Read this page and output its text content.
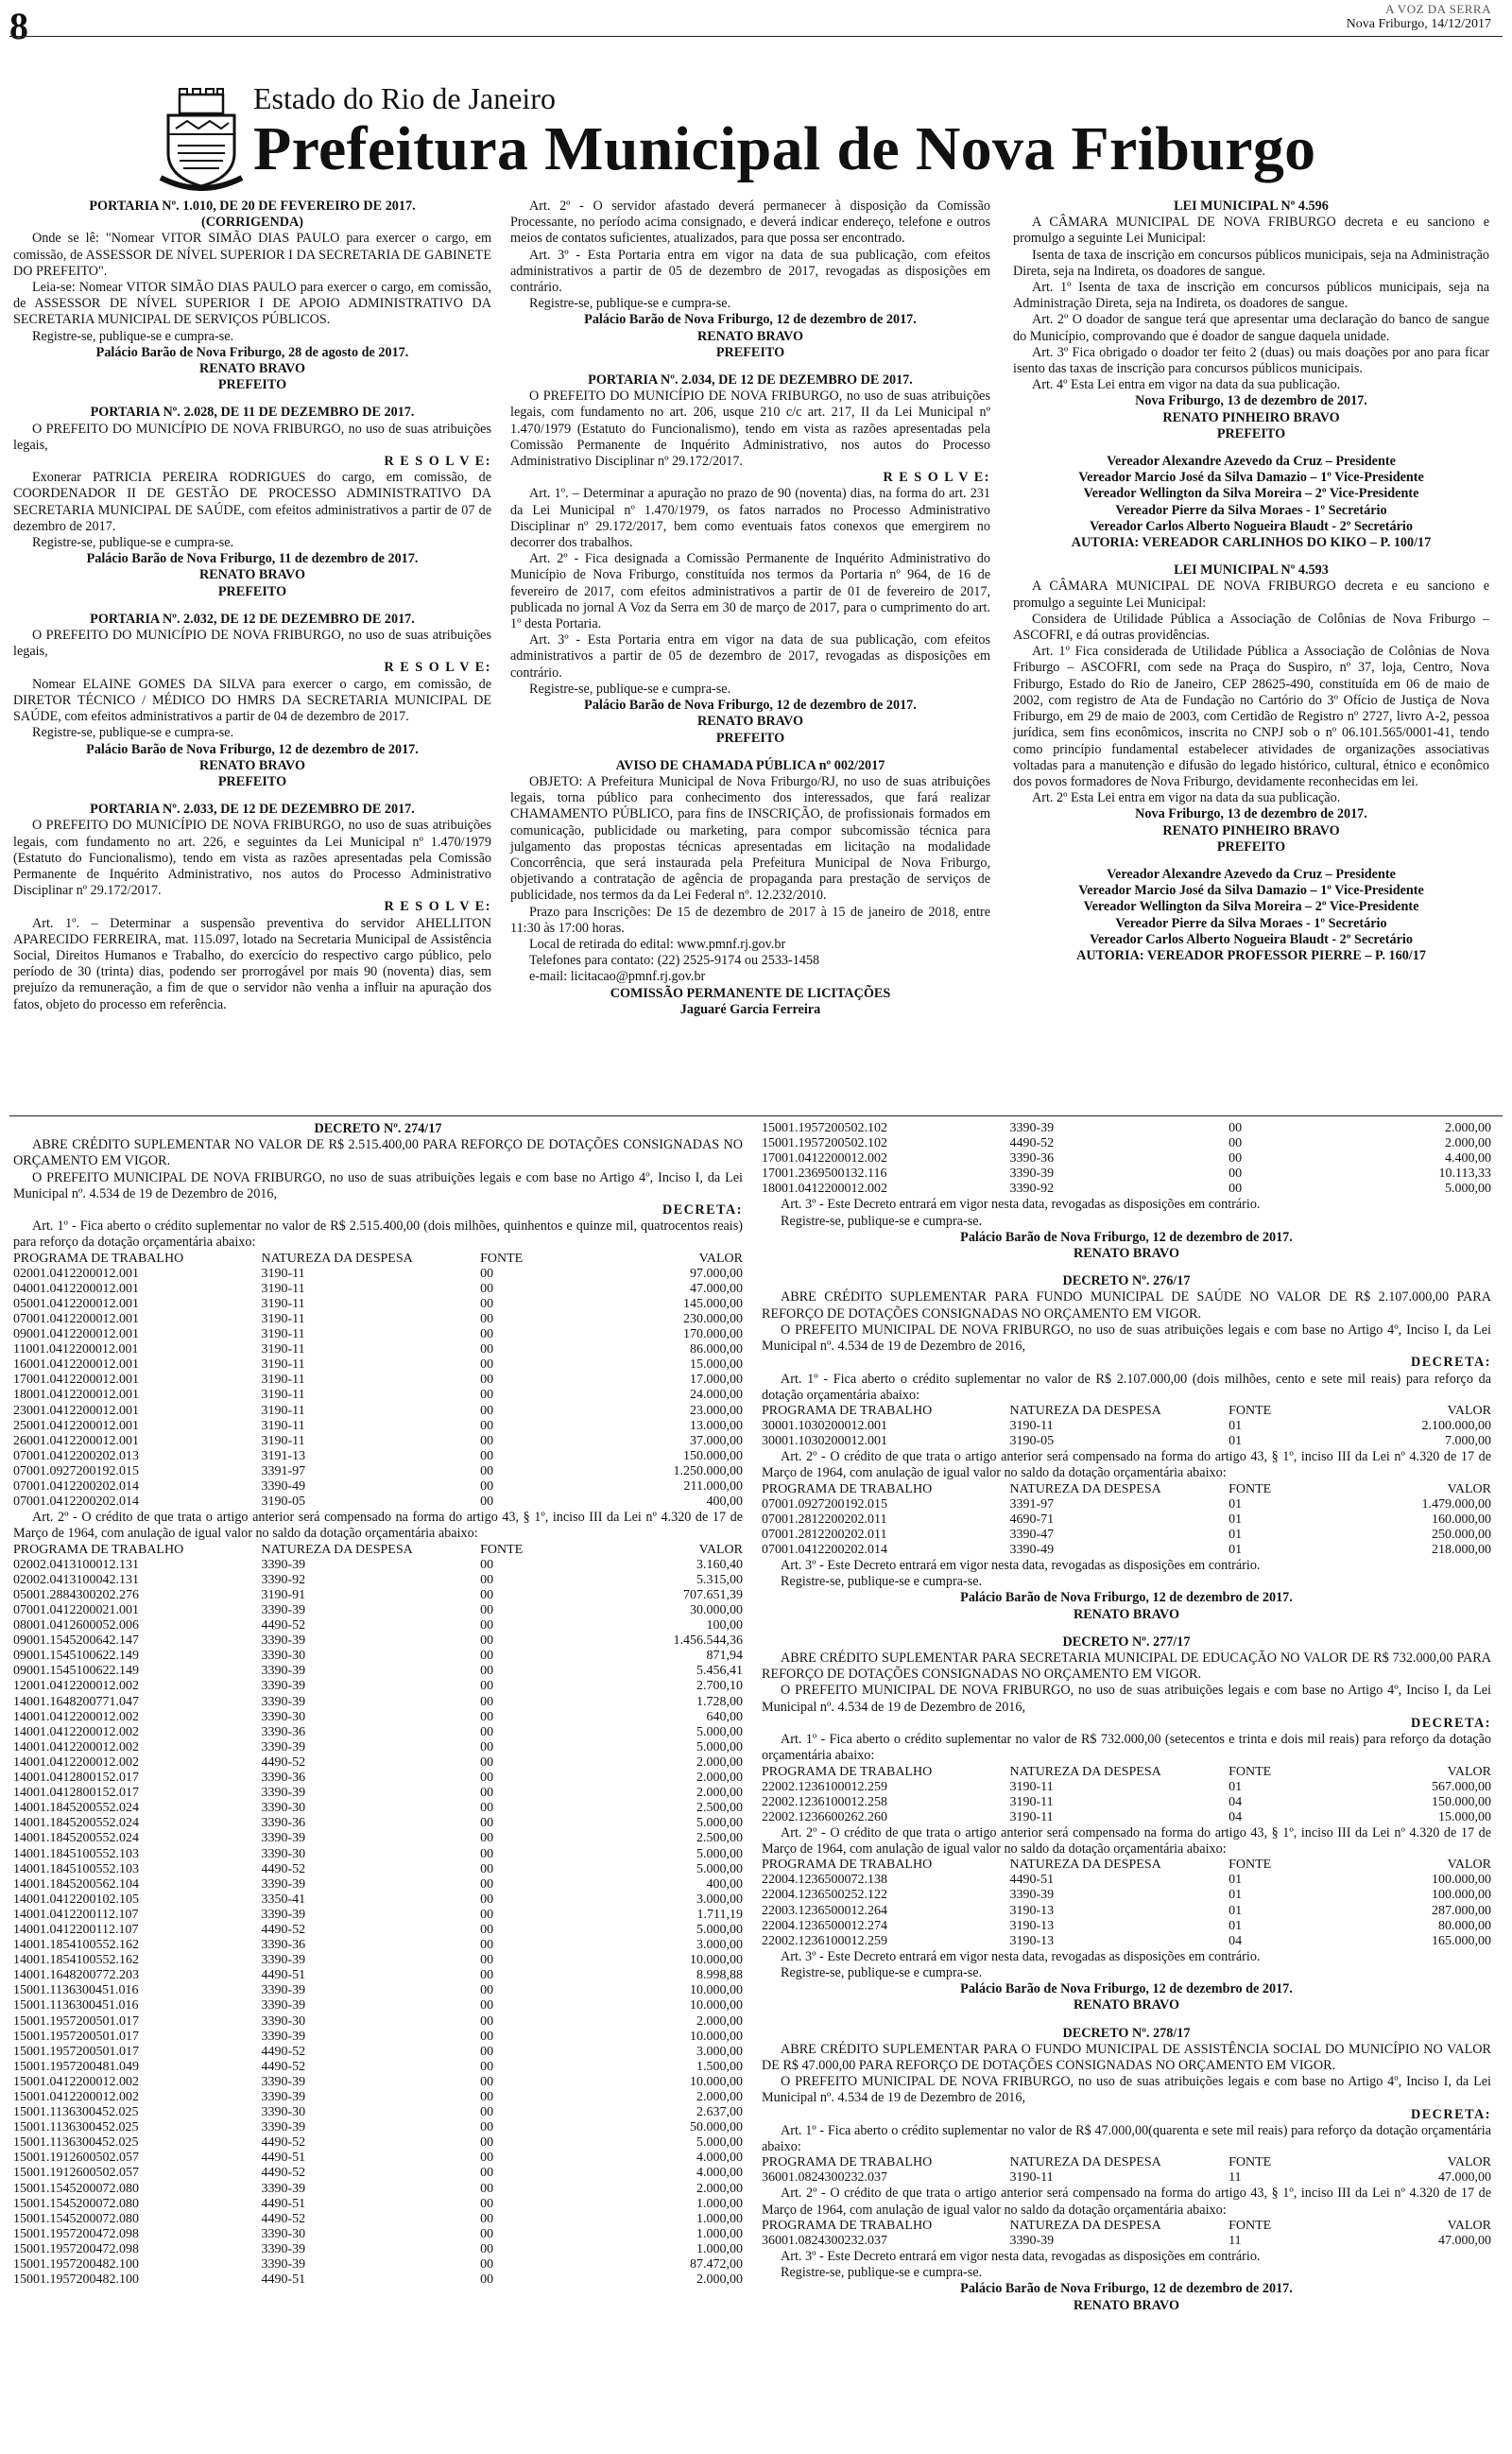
8	A VOZ DA SERRA
Nova Friburgo, 14/12/2017
Estado do Rio de Janeiro
Prefeitura Municipal de Nova Friburgo

PORTARIA Nº. 1.010, DE 20 DE FEVEREIRO DE 2017.

(CORRIGENDA)

Onde se lê: "Nomear VITOR SIMÃO DIAS PAULO para exercer o cargo, em comissão, de ASSESSOR DE NÍVEL SUPERIOR I DA SECRETARIA DE GABINETE DO PREFEITO".

Leia-se: Nomear VITOR SIMÃO DIAS PAULO para exercer o cargo, em comissão, de ASSESSOR DE NÍVEL SUPERIOR I DE APOIO ADMINISTRATIVO DA SECRETARIA MUNICIPAL DE SERVIÇOS PÚBLICOS.

Registre-se, publique-se e cumpra-se.

Palácio Barão de Nova Friburgo, 28 de agosto de 2017.

RENATO BRAVO

PREFEITO

PORTARIA Nº. 2.028, DE 11 DE DEZEMBRO DE 2017.

O PREFEITO DO MUNICÍPIO DE NOVA FRIBURGO, no uso de suas atribuições legais,

R E S O L V E:

Exonerar PATRICIA PEREIRA RODRIGUES do cargo, em comissão, de COORDENADOR II DE GESTÃO DE PROCESSO ADMINISTRATIVO DA SECRETARIA MUNICIPAL DE SAÚDE, com efeitos administrativos a partir de 07 de dezembro de 2017.

Registre-se, publique-se e cumpra-se.

Palácio Barão de Nova Friburgo, 11 de dezembro de 2017.

RENATO BRAVO

PREFEITO

PORTARIA Nº. 2.032, DE 12 DE DEZEMBRO DE 2017.

O PREFEITO DO MUNICÍPIO DE NOVA FRIBURGO, no uso de suas atribuições legais,

R E S O L V E:

Nomear ELAINE GOMES DA SILVA para exercer o cargo, em comissão, de DIRETOR TÉCNICO / MÉDICO DO HMRS DA SECRETARIA MUNICIPAL DE SAÚDE, com efeitos administrativos a partir de 04 de dezembro de 2017.

Registre-se, publique-se e cumpra-se.

Palácio Barão de Nova Friburgo, 12 de dezembro de 2017.

RENATO BRAVO

PREFEITO

PORTARIA Nº. 2.033, DE 12 DE DEZEMBRO DE 2017.

O PREFEITO DO MUNICÍPIO DE NOVA FRIBURGO, no uso de suas atribuições legais, com fundamento no art. 226, e seguintes da Lei Municipal nº 1.470/1979 (Estatuto do Funcionalismo), tendo em vista as razões apresentadas pela Comissão Permanente de Inquérito Administrativo, nos autos do Processo Administrativo Disciplinar nº 29.172/2017.

R E S O L V E:

Art. 1º. – Determinar a suspensão preventiva do servidor AHELLITON APARECIDO FERREIRA, mat. 115.097, lotado na Secretaria Municipal de Assistência Social, Direitos Humanos e Trabalho, do exercício do respectivo cargo público, pelo período de 30 (trinta) dias, podendo ser prorrogável por mais 90 (noventa) dias, sem prejuízo da remuneração, a fim de que o servidor não venha a influir na apuração dos fatos, objeto do processo em referência.

Art. 2º - O servidor afastado deverá permanecer à disposição da Comissão Processante, no período acima consignado, e deverá indicar endereço, telefone e outros meios de contatos suficientes, atualizados, para que possa ser encontrado.

Art. 3º - Esta Portaria entra em vigor na data de sua publicação, com efeitos administrativos a partir de 05 de dezembro de 2017, revogadas as disposições em contrário.

Registre-se, publique-se e cumpra-se.

Palácio Barão de Nova Friburgo, 12 de dezembro de 2017.

RENATO BRAVO

PREFEITO

PORTARIA Nº. 2.034, DE 12 DE DEZEMBRO DE 2017.

O PREFEITO DO MUNICÍPIO DE NOVA FRIBURGO, no uso de suas atribuições legais, com fundamento no art. 206, usque 210 c/c art. 217, II da Lei Municipal nº 1.470/1979 (Estatuto do Funcionalismo), tendo em vista as razões apresentadas pela Comissão Permanente de Inquérito Administrativo, nos autos do Processo Administrativo Disciplinar nº 29.172/2017.

R E S O L V E:

Art. 1º. – Determinar a apuração no prazo de 90 (noventa) dias, na forma do art. 231 da Lei Municipal nº 1.470/1979, os fatos narrados no Processo Administrativo Disciplinar nº 29.172/2017, bem como eventuais fatos conexos que emergirem no decorrer dos trabalhos.

Art. 2º - Fica designada a Comissão Permanente de Inquérito Administrativo do Município de Nova Friburgo, constituída nos termos da Portaria nº 964, de 16 de fevereiro de 2017, com efeitos administrativos a partir de 01 de fevereiro de 2017, publicada no jornal A Voz da Serra em 30 de março de 2017, para o cumprimento do art. 1º desta Portaria.

Art. 3º - Esta Portaria entra em vigor na data de sua publicação, com efeitos administrativos a partir de 05 de dezembro de 2017, revogadas as disposições em contrário.

Registre-se, publique-se e cumpra-se.

Palácio Barão de Nova Friburgo, 12 de dezembro de 2017.

RENATO BRAVO

PREFEITO

AVISO DE CHAMADA PÚBLICA nº 002/2017

OBJETO: A Prefeitura Municipal de Nova Friburgo/RJ, no uso de suas atribuições legais, torna público para conhecimento dos interessados, que fará realizar CHAMAMENTO PÚBLICO, para fins de INSCRIÇÃO, de profissionais formados em comunicação, publicidade ou marketing, para compor subcomissão técnica para julgamento das propostas técnicas apresentadas em licitação na modalidade Concorrência, que será instaurada pela Prefeitura Municipal de Nova Friburgo, objetivando a contratação de agência de propaganda para prestação de serviços de publicidade, nos termos da da Lei Federal nº. 12.232/2010.

Prazo para Inscrições: De 15 de dezembro de 2017 à 15 de janeiro de 2018, entre 11:30 às 17:00 horas.

Local de retirada do edital: www.pmnf.rj.gov.br

Telefones para contato: (22) 2525-9174 ou 2533-1458

e-mail: licitacao@pmnf.rj.gov.br

COMISSÃO PERMANENTE DE LICITAÇÕES

Jaguaré Garcia Ferreira

LEI MUNICIPAL Nº 4.596

A CÂMARA MUNICIPAL DE NOVA FRIBURGO decreta e eu sanciono e promulgo a seguinte Lei Municipal:

Isenta de taxa de inscrição em concursos públicos municipais, seja na Administração Direta, seja na Indireta, os doadores de sangue.

Art. 1º Isenta de taxa de inscrição em concursos públicos municipais, seja na Administração Direta, seja na Indireta, os doadores de sangue.

Art. 2º O doador de sangue terá que apresentar uma declaração do banco de sangue do Município, comprovando que é doador de sangue daquela unidade.

Art. 3º Fica obrigado o doador ter feito 2 (duas) ou mais doações por ano para ficar isento das taxas de inscrição para concursos públicos municipais.

Art. 4º Esta Lei entra em vigor na data da sua publicação.

Nova Friburgo, 13 de dezembro de 2017.

RENATO PINHEIRO BRAVO

PREFEITO

Vereador Alexandre Azevedo da Cruz – Presidente

Vereador Marcio José da Silva Damazio – 1º Vice-Presidente

Vereador Wellington da Silva Moreira – 2º Vice-Presidente

Vereador Pierre da Silva Moraes - 1º Secretário

Vereador Carlos Alberto Nogueira Blaudt - 2º Secretário

AUTORIA: VEREADOR CARLINHOS DO KIKO – P. 100/17

LEI MUNICIPAL Nº 4.593

A CÂMARA MUNICIPAL DE NOVA FRIBURGO decreta e eu sanciono e promulgo a seguinte Lei Municipal:

Considera de Utilidade Pública a Associação de Colônias de Nova Friburgo – ASCOFRI, e dá outras providências.

Art. 1º Fica considerada de Utilidade Pública a Associação de Colônias de Nova Friburgo – ASCOFRI, com sede na Praça do Suspiro, nº 37, loja, Centro, Nova Friburgo, Estado do Rio de Janeiro, CEP 28625-490, constituída em 06 de maio de 2002, com registro de Ata de Fundação no Cartório do 3º Ofício de Justiça de Nova Friburgo, em 29 de maio de 2003, com Certidão de Registro nº 2727, livro A-2, pessoa jurídica, sem fins econômicos, inscrita no CNPJ sob o nº 06.101.565/0001-41, tendo como princípio fundamental estabelecer atividades de organizações associativas voltadas para a manutenção e difusão do legado histórico, cultural, étnico e econômico dos povos formadores de Nova Friburgo, devidamente reconhecidas em lei.

Art. 2º Esta Lei entra em vigor na data da sua publicação.

Nova Friburgo, 13 de dezembro de 2017.

RENATO PINHEIRO BRAVO

PREFEITO

Vereador Alexandre Azevedo da Cruz – Presidente

Vereador Marcio José da Silva Damazio – 1º Vice-Presidente

Vereador Wellington da Silva Moreira – 2º Vice-Presidente

Vereador Pierre da Silva Moraes - 1º Secretário

Vereador Carlos Alberto Nogueira Blaudt - 2º Secretário

AUTORIA: VEREADOR PROFESSOR PIERRE – P. 160/17

DECRETO Nº. 274/17

ABRE CRÉDITO SUPLEMENTAR NO VALOR DE R$ 2.515.400,00 PARA REFORÇO DE DOTAÇÕES CONSIGNADAS NO ORÇAMENTO EM VIGOR.

O PREFEITO MUNICIPAL DE NOVA FRIBURGO, no uso de suas atribuições legais e com base no Artigo 4º, Inciso I, da Lei Municipal nº. 4.534 de 19 de Dezembro de 2016,

DECRETA:

Art. 1º - Fica aberto o crédito suplementar no valor de R$ 2.515.400,00 (dois milhões, quinhentos e quinze mil, quatrocentos reais) para reforço da dotação orçamentária abaixo:

PROGRAMA DE TRABALHO	NATUREZA DA DESPESA	FONTE	VALOR
02001.0412200012.001	3190-11	00	97.000,00
04001.0412200012.001	3190-11	00	47.000,00
05001.0412200012.001	3190-11	00	145.000,00
07001.0412200012.001	3190-11	00	230.000,00
09001.0412200012.001	3190-11	00	170.000,00
11001.0412200012.001	3190-11	00	86.000,00
16001.0412200012.001	3190-11	00	15.000,00
17001.0412200012.001	3190-11	00	17.000,00
18001.0412200012.001	3190-11	00	24.000,00
23001.0412200012.001	3190-11	00	23.000,00
25001.0412200012.001	3190-11	00	13.000,00
26001.0412200012.001	3190-11	00	37.000,00
07001.0412200202.013	3191-13	00	150.000,00
07001.0927200192.015	3391-97	00	1.250.000,00
07001.0412200202.014	3390-49	00	211.000,00
07001.0412200202.014	3190-05	00	400,00

Art. 2º - O crédito de que trata o artigo anterior será compensado na forma do artigo 43, § 1º, inciso III da Lei nº 4.320 de 17 de Março de 1964, com anulação de igual valor no saldo da dotação orçamentária abaixo:

PROGRAMA DE TRABALHO	NATUREZA DA DESPESA	FONTE	VALOR
02002.0413100012.131	3390-39	00	3.160,40
02002.0413100042.131	3390-92	00	5.315,00
05001.2884300202.276	3190-91	00	707.651,39
07001.0412200021.001	3390-39	00	30.000,00
08001.0412600052.006	4490-52	00	100,00
09001.1545200642.147	3390-39	00	1.456.544,36
09001.1545100622.149	3390-30	00	871,94
09001.1545100622.149	3390-39	00	5.456,41
12001.0412200012.002	3390-39	00	2.700,10
14001.1648200771.047	3390-39	00	1.728,00
14001.0412200012.002	3390-30	00	640,00
14001.0412200012.002	3390-36	00	5.000,00
14001.0412200012.002	3390-39	00	5.000,00
14001.0412200012.002	4490-52	00	2.000,00
14001.0412800152.017	3390-36	00	2.000,00
14001.0412800152.017	3390-39	00	2.000,00
14001.1845200552.024	3390-30	00	2.500,00
14001.1845200552.024	3390-36	00	5.000,00
14001.1845200552.024	3390-39	00	2.500,00
14001.1845100552.103	3390-30	00	5.000,00
14001.1845100552.103	4490-52	00	5.000,00
14001.1845200562.104	3390-39	00	400,00
14001.0412200102.105	3350-41	00	3.000,00
14001.0412200112.107	3390-39	00	1.711,19
14001.0412200112.107	4490-52	00	5.000,00
14001.1854100552.162	3390-36	00	3.000,00
14001.1854100552.162	3390-39	00	10.000,00
14001.1648200772.203	4490-51	00	8.998,88
15001.1136300451.016	3390-39	00	10.000,00
15001.1136300451.016	3390-39	00	10.000,00
15001.1957200501.017	3390-30	00	2.000,00
15001.1957200501.017	3390-39	00	10.000,00
15001.1957200501.017	4490-52	00	3.000,00
15001.1957200481.049	4490-52	00	1.500,00
15001.0412200012.002	3390-39	00	10.000,00
15001.0412200012.002	3390-39	00	2.000,00
15001.1136300452.025	3390-30	00	2.637,00
15001.1136300452.025	3390-39	00	50.000,00
15001.1136300452.025	4490-52	00	5.000,00
15001.1912600502.057	4490-51	00	4.000,00
15001.1912600502.057	4490-52	00	4.000,00
15001.1545200072.080	3390-39	00	2.000,00
15001.1545200072.080	4490-51	00	1.000,00
15001.1545200072.080	4490-52	00	1.000,00
15001.1957200472.098	3390-30	00	1.000,00
15001.1957200472.098	3390-39	00	1.000,00
15001.1957200482.100	3390-39	00	87.472,00
15001.1957200482.100	4490-51	00	2.000,00
15001.1957200502.102	3390-39	00	2.000,00
15001.1957200502.102	4490-52	00	2.000,00
17001.0412200012.002	3390-36	00	4.400,00
17001.2369500132.116	3390-39	00	10.113,33
18001.0412200012.002	3390-92	00	5.000,00

Art. 3º - Este Decreto entrará em vigor nesta data, revogadas as disposições em contrário.

Registre-se, publique-se e cumpra-se.

Palácio Barão de Nova Friburgo, 12 de dezembro de 2017.

RENATO BRAVO

DECRETO Nº. 276/17

ABRE CRÉDITO SUPLEMENTAR PARA FUNDO MUNICIPAL DE SAÚDE NO VALOR DE R$ 2.107.000,00 PARA REFORÇO DE DOTAÇÕES CONSIGNADAS NO ORÇAMENTO EM VIGOR.

O PREFEITO MUNICIPAL DE NOVA FRIBURGO, no uso de suas atribuições legais e com base no Artigo 4º, Inciso I, da Lei Municipal nº. 4.534 de 19 de Dezembro de 2016,

DECRETA:

Art. 1º - Fica aberto o crédito suplementar no valor de R$ 2.107.000,00 (dois milhões, cento e sete mil reais) para reforço da dotação orçamentária abaixo:

PROGRAMA DE TRABALHO	NATUREZA DA DESPESA	FONTE	VALOR
30001.1030200012.001	3190-11	01	2.100.000,00
30001.1030200012.001	3190-05	01	7.000,00

Art. 2º - O crédito de que trata o artigo anterior será compensado na forma do artigo 43, § 1º, inciso III da Lei nº 4.320 de 17 de Março de 1964, com anulação de igual valor no saldo da dotação orçamentária abaixo:

PROGRAMA DE TRABALHO	NATUREZA DA DESPESA	FONTE	VALOR
07001.0927200192.015	3391-97	01	1.479.000,00
07001.2812200202.011	4690-71	01	160.000,00
07001.2812200202.011	3390-47	01	250.000,00
07001.0412200202.014	3390-49	01	218.000,00

Art. 3º - Este Decreto entrará em vigor nesta data, revogadas as disposições em contrário.

Registre-se, publique-se e cumpra-se.

Palácio Barão de Nova Friburgo, 12 de dezembro de 2017.

RENATO BRAVO

DECRETO Nº. 277/17

ABRE CRÉDITO SUPLEMENTAR PARA SECRETARIA MUNICIPAL DE EDUCAÇÃO NO VALOR DE R$ 732.000,00 PARA REFORÇO DE DOTAÇÕES CONSIGNADAS NO ORÇAMENTO EM VIGOR.

O PREFEITO MUNICIPAL DE NOVA FRIBURGO, no uso de suas atribuições legais e com base no Artigo 4º, Inciso I, da Lei Municipal nº. 4.534 de 19 de Dezembro de 2016,

DECRETA:

Art. 1º - Fica aberto o crédito suplementar no valor de R$ 732.000,00 (setecentos e trinta e dois mil reais) para reforço da dotação orçamentária abaixo:

PROGRAMA DE TRABALHO	NATUREZA DA DESPESA	FONTE	VALOR
22002.1236100012.259	3190-11	01	567.000,00
22002.1236100012.258	3190-11	04	150.000,00
22002.1236600262.260	3190-11	04	15.000,00

Art. 2º - O crédito de que trata o artigo anterior será compensado na forma do artigo 43, § 1º, inciso III da Lei nº 4.320 de 17 de Março de 1964, com anulação de igual valor no saldo da dotação orçamentária abaixo:

PROGRAMA DE TRABALHO	NATUREZA DA DESPESA	FONTE	VALOR
22004.1236500072.138	4490-51	01	100.000,00
22004.1236500252.122	3390-39	01	100.000,00
22003.1236500012.264	3190-13	01	287.000,00
22004.1236500012.274	3190-13	01	80.000,00
22002.1236100012.259	3190-13	04	165.000,00

Art. 3º - Este Decreto entrará em vigor nesta data, revogadas as disposições em contrário.

Registre-se, publique-se e cumpra-se.

Palácio Barão de Nova Friburgo, 12 de dezembro de 2017.

RENATO BRAVO

DECRETO Nº. 278/17

ABRE CRÉDITO SUPLEMENTAR PARA O FUNDO MUNICIPAL DE ASSISTÊNCIA SOCIAL DO MUNICÍPIO NO VALOR DE R$ 47.000,00 PARA REFORÇO DE DOTAÇÕES CONSIGNADAS NO ORÇAMENTO EM VIGOR.

O PREFEITO MUNICIPAL DE NOVA FRIBURGO, no uso de suas atribuições legais e com base no Artigo 4º, Inciso I, da Lei Municipal nº. 4.534 de 19 de Dezembro de 2016,

DECRETA:

Art. 1º - Fica aberto o crédito suplementar no valor de R$ 47.000,00(quarenta e sete mil reais) para reforço da dotação orçamentária abaixo:

PROGRAMA DE TRABALHO	NATUREZA DA DESPESA	FONTE	VALOR
36001.0824300232.037	3190-11	11	47.000,00

Art. 2º - O crédito de que trata o artigo anterior será compensado na forma do artigo 43, § 1º, inciso III da Lei nº 4.320 de 17 de Março de 1964, com anulação de igual valor no saldo da dotação orçamentária abaixo:

PROGRAMA DE TRABALHO	NATUREZA DA DESPESA	FONTE	VALOR
36001.0824300232.037	3390-39	11	47.000,00

Art. 3º - Este Decreto entrará em vigor nesta data, revogadas as disposições em contrário.

Registre-se, publique-se e cumpra-se.

Palácio Barão de Nova Friburgo, 12 de dezembro de 2017.

RENATO BRAVO
